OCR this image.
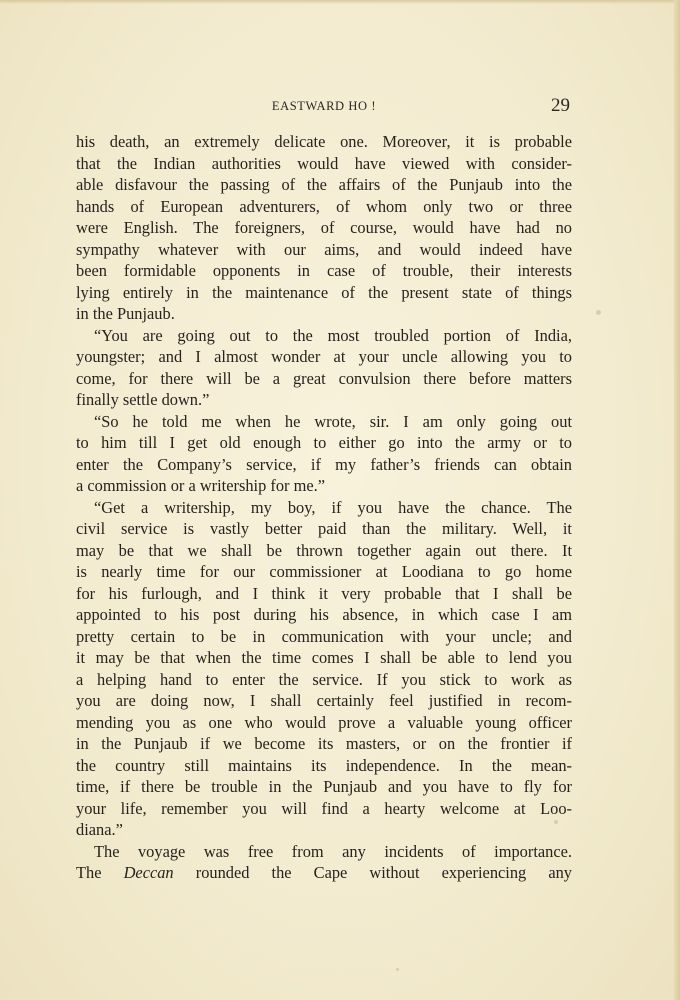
EASTWARD HO !	29
his death, an extremely delicate one. Moreover, it is probable
that the Indian authorities would have viewed with consider-
able disfavour the passing of the affairs of the Punjaub into the
hands of European adventurers, of whom only two or three
were English. The foreigners, of course, would have had no
sympathy whatever with our aims, and would indeed have
been formidable opponents in case of trouble, their interests
lying entirely in the maintenance of the present state of things
in the Punjaub.
“You are going out to the most troubled portion of India,
youngster; and I almost wonder at your uncle allowing you to
come, for there will be a great convulsion there before matters
finally settle down.”
“So he told me when he wrote, sir. I am only going out
to him till I get old enough to either go into the army or to
enter the Company’s service, if my father’s friends can obtain
a commission or a writership for me.”
“Get a writership, my boy, if you have the chance. The
civil service is vastly better paid than the military. Well, it
may be that we shall be thrown together again out there. It
is nearly time for our commissioner at Loodiana to go home
for his furlough, and I think it very probable that I shall be
appointed to his post during his absence, in which case I am
pretty certain to be in communication with your uncle; and
it may be that when the time comes I shall be able to lend you
a helping hand to enter the service. If you stick to work as
you are doing now, I shall certainly feel justified in recom-
mending you as one who would prove a valuable young officer
in the Punjaub if we become its masters, or on the frontier if
the country still maintains its independence. In the mean-
time, if there be trouble in the Punjaub and you have to fly for
your life, remember you will find a hearty welcome at Loo-
diana.”
The voyage was free from any incidents of importance.
The Deccan rounded the Cape without experiencing any
